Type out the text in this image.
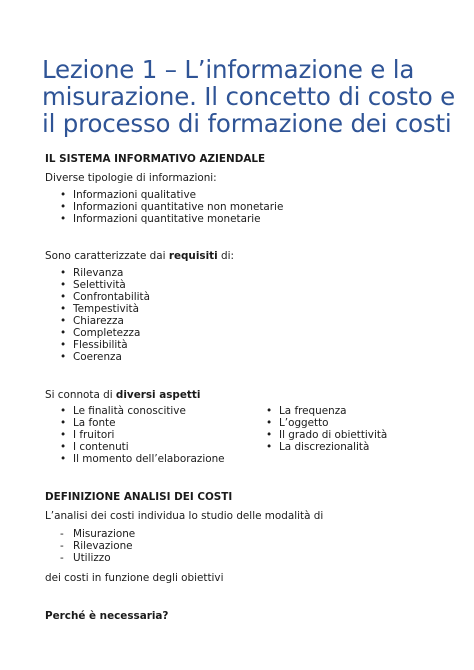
Lezione 1 – L’informazione e la misurazione. Il concetto di costo e il processo di formazione dei costi
IL SISTEMA INFORMATIVO AZIENDALE
Diverse tipologie di informazioni:
• Informazioni qualitative
• Informazioni quantitative non monetarie
• Informazioni quantitative monetarie
Sono caratterizzate dai requisiti di:
• Rilevanza
• Selettività
• Confrontabilità
• Tempestività
• Chiarezza
• Completezza
• Flessibilità
• Coerenza
Si connota di diversi aspetti
• Le finalità conoscitive
• La fonte
• I fruitori
• I contenuti
• Il momento dell’elaborazione
• La frequenza
• L’oggetto
• Il grado di obiettività
• La discrezionalità
DEFINIZIONE ANALISI DEI COSTI
L’analisi dei costi individua lo studio delle modalità di
- Misurazione
- Rilevazione
- Utilizzo
dei costi in funzione degli obiettivi
Perché è necessaria?
